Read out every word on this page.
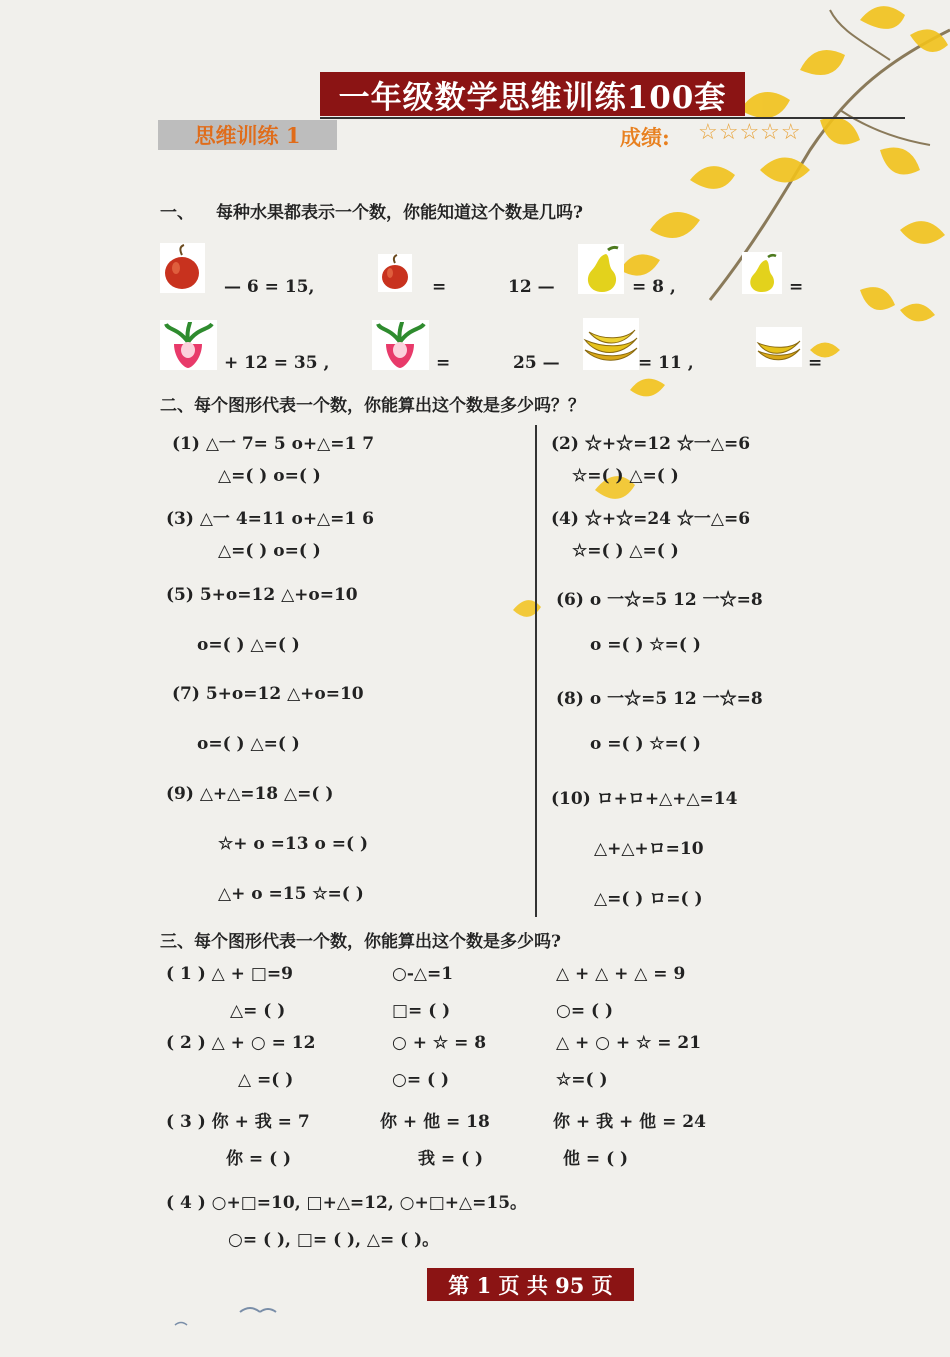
一年级数学思维训练100套
思维训练 1	成绩: ☆☆☆☆☆
一、 每种水果都表示一个数，你能知道这个数是几吗?
— 6 = 15,	=	12 —	= 8 ,	=
+ 12 = 35 ,	=	25 —	= 11 ,	=
二、每个图形代表一个数，你能算出这个数是多少吗？？
(1) △一 7= 5 o+△=1 7
△=( ) o=( )
(3) △一 4=11 o+△=1 6
△=( ) o=( )
(5) 5+o=12 △+o=10
o=( ) △=( )
(7) 5+o=12 △+o=10
o=( ) △=( )
(9) △+△=18 △=( )
☆+ o =13 o =( )
△+ o =15 ☆=( )
(2) ☆+☆=12 ☆一△=6
☆=( ) △=( )
(4) ☆+☆=24 ☆一△=6
☆=( ) △=( )
(6) o 一☆=5 12 一☆=8
o =( ) ☆=( )
(8) o 一☆=5 12 一☆=8
o =( ) ☆=( )
(10) ロ+ロ+△+△=14
△+△+ロ=10
△=( ) ロ=( )
三、每个图形代表一个数，你能算出这个数是多少吗?
( 1 ) △ + □=9	○-△=1	△ + △ + △ = 9
△= ( )	□= ( )	○= ( )
( 2 ) △ + ○ = 12	○ + ☆ = 8	△ + ○ + ☆ = 21
△ =( )	○= ( )	☆=( )
( 3 ) 你 + 我 = 7	你 + 他 = 18	你 + 我 + 他 = 24
你 = ( )	我 = ( )	他 = ( )
( 4 ) ○+□=10, □+△=12, ○+□+△=15。
○= ( ), □= ( ), △= ( )。
第 1 页 共 95 页
